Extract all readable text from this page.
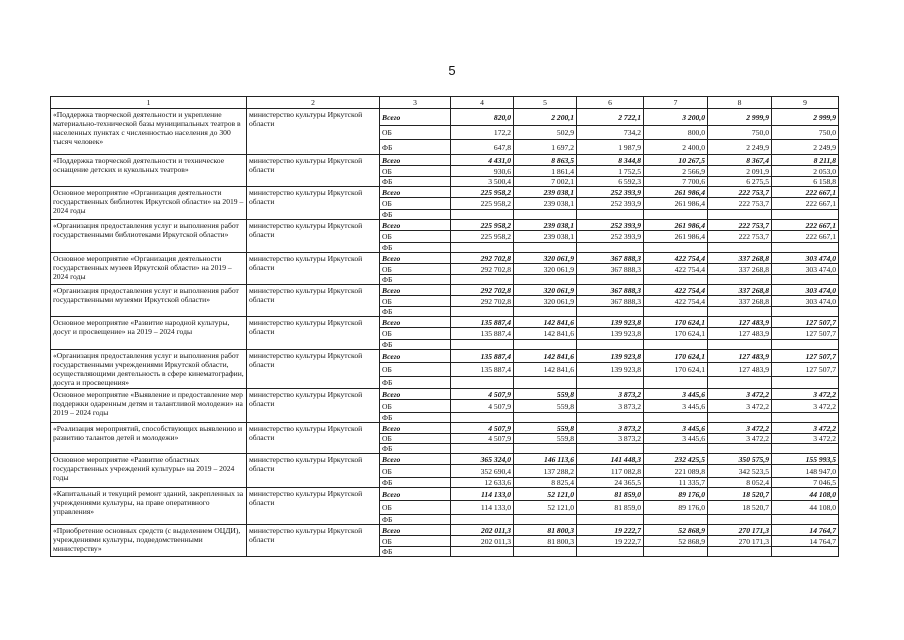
5
1	2	3	4	5	6	7	8	9
«Поддержка творческой деятельности и укрепление материально-технической базы муниципальных театров в населенных пунктах с численностью населения до 300 тысяч человек»	министерство культуры Иркутской области	Всего	820,0	2 200,1	2 722,1	3 200,0	2 999,9	2 999,9
		ОБ	172,2	502,9	734,2	800,0	750,0	750,0
		ФБ	647,8	1 697,2	1 987,9	2 400,0	2 249,9	2 249,9
«Поддержка творческой деятельности и техническое оснащение детских и кукольных театров»	министерство культуры Иркутской области	Всего	4 431,0	8 863,5	8 344,8	10 267,5	8 367,4	8 211,8
		ОБ	930,6	1 861,4	1 752,5	2 566,9	2 091,9	2 053,0
		ФБ	3 500,4	7 002,1	6 592,3	7 700,6	6 275,5	6 158,8
Основное мероприятие «Организация деятельности государственных библиотек Иркутской области» на 2019 – 2024 годы	министерство культуры Иркутской области	Всего	225 958,2	239 038,1	252 393,9	261 986,4	222 753,7	222 667,1
		ОБ	225 958,2	239 038,1	252 393,9	261 986,4	222 753,7	222 667,1
		ФБ						
«Организация предоставления услуг и выполнения работ государственными библиотеками Иркутской области»	министерство культуры Иркутской области	Всего	225 958,2	239 038,1	252 393,9	261 986,4	222 753,7	222 667,1
		ОБ	225 958,2	239 038,1	252 393,9	261 986,4	222 753,7	222 667,1
		ФБ						
Основное мероприятие «Организация деятельности государственных музеев Иркутской области» на 2019 – 2024 годы	министерство культуры Иркутской области	Всего	292 702,8	320 061,9	367 888,3	422 754,4	337 268,8	303 474,0
		ОБ	292 702,8	320 061,9	367 888,3	422 754,4	337 268,8	303 474,0
		ФБ						
«Организация предоставления услуг и выполнения работ государственными музеями Иркутской области»	министерство культуры Иркутской области	Всего	292 702,8	320 061,9	367 888,3	422 754,4	337 268,8	303 474,0
		ОБ	292 702,8	320 061,9	367 888,3	422 754,4	337 268,8	303 474,0
		ФБ						
Основное мероприятие «Развитие народной культуры, досуг и просвещение» на 2019 – 2024 годы	министерство культуры Иркутской области	Всего	135 887,4	142 841,6	139 923,8	170 624,1	127 483,9	127 507,7
		ОБ	135 887,4	142 841,6	139 923,8	170 624,1	127 483,9	127 507,7
		ФБ						
«Организация предоставления услуг и выполнения работ государственными учреждениями Иркутской области, осуществляющими деятельность в сфере кинематографии, досуга и просвещения»	министерство культуры Иркутской области	Всего	135 887,4	142 841,6	139 923,8	170 624,1	127 483,9	127 507,7
		ОБ	135 887,4	142 841,6	139 923,8	170 624,1	127 483,9	127 507,7
		ФБ						
Основное мероприятие «Выявление и предоставление мер поддержки одаренным детям и талантливой молодежи» на 2019 – 2024 годы	министерство культуры Иркутской области	Всего	4 507,9	559,8	3 873,2	3 445,6	3 472,2	3 472,2
		ОБ	4 507,9	559,8	3 873,2	3 445,6	3 472,2	3 472,2
		ФБ						
«Реализация мероприятий, способствующих выявлению и развитию талантов детей и молодежи»	министерство культуры Иркутской области	Всего	4 507,9	559,8	3 873,2	3 445,6	3 472,2	3 472,2
		ОБ	4 507,9	559,8	3 873,2	3 445,6	3 472,2	3 472,2
		ФБ						
Основное мероприятие «Развитие областных государственных учреждений культуры» на 2019 – 2024 годы	министерство культуры Иркутской области	Всего	365 324,0	146 113,6	141 448,3	232 425,5	350 575,9	155 993,5
		ОБ	352 690,4	137 288,2	117 082,8	221 089,8	342 523,5	148 947,0
		ФБ	12 633,6	8 825,4	24 365,5	11 335,7	8 052,4	7 046,5
«Капитальный и текущий ремонт зданий, закрепленных за учреждениями культуры, на праве оперативного управления»	министерство культуры Иркутской области	Всего	114 133,0	52 121,0	81 859,0	89 176,0	18 520,7	44 108,0
		ОБ	114 133,0	52 121,0	81 859,0	89 176,0	18 520,7	44 108,0
		ФБ						
«Приобретение основных средств (с выделением ОЦДИ), учреждениями культуры, подведомственными министерству»	министерство культуры Иркутской области	Всего	202 011,3	81 800,3	19 222,7	52 868,9	270 171,3	14 764,7
		ОБ	202 011,3	81 800,3	19 222,7	52 868,9	270 171,3	14 764,7
		ФБ						
